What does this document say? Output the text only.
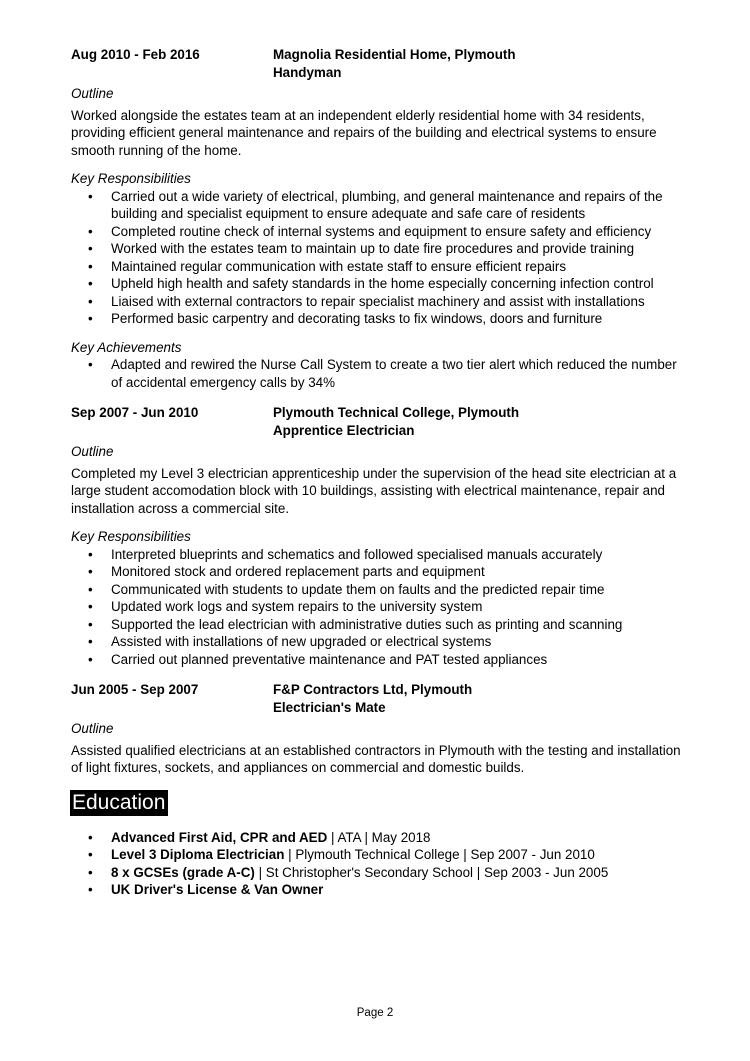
Aug 2010 - Feb 2016	Magnolia Residential Home, Plymouth
Handyman
Outline

Worked alongside the estates team at an independent elderly residential home with 34 residents, providing efficient general maintenance and repairs of the building and electrical systems to ensure smooth running of the home.

Key Responsibilities
• Carried out a wide variety of electrical, plumbing, and general maintenance and repairs of the building and specialist equipment to ensure adequate and safe care of residents
• Completed routine check of internal systems and equipment to ensure safety and efficiency
• Worked with the estates team to maintain up to date fire procedures and provide training
• Maintained regular communication with estate staff to ensure efficient repairs
• Upheld high health and safety standards in the home especially concerning infection control
• Liaised with external contractors to repair specialist machinery and assist with installations
• Performed basic carpentry and decorating tasks to fix windows, doors and furniture
Key Achievements
• Adapted and rewired the Nurse Call System to create a two tier alert which reduced the number of accidental emergency calls by 34%
Sep 2007 - Jun 2010	Plymouth Technical College, Plymouth
Apprentice Electrician
Outline

Completed my Level 3 electrician apprenticeship under the supervision of the head site electrician at a large student accomodation block with 10 buildings, assisting with electrical maintenance, repair and installation across a commercial site.

Key Responsibilities
• Interpreted blueprints and schematics and followed specialised manuals accurately
• Monitored stock and ordered replacement parts and equipment
• Communicated with students to update them on faults and the predicted repair time
• Updated work logs and system repairs to the university system
• Supported the lead electrician with administrative duties such as printing and scanning
• Assisted with installations of new upgraded or electrical systems
• Carried out planned preventative maintenance and PAT tested appliances
Jun 2005 - Sep 2007	F&P Contractors Ltd, Plymouth
Electrician's Mate
Outline

Assisted qualified electricians at an established contractors in Plymouth with the testing and installation of light fixtures, sockets, and appliances on commercial and domestic builds.

Education
• Advanced First Aid, CPR and AED | ATA | May 2018
• Level 3 Diploma Electrician | Plymouth Technical College | Sep 2007 - Jun 2010
• 8 x GCSEs (grade A-C) | St Christopher's Secondary School | Sep 2003 - Jun 2005
• UK Driver's License & Van Owner
Page 2
